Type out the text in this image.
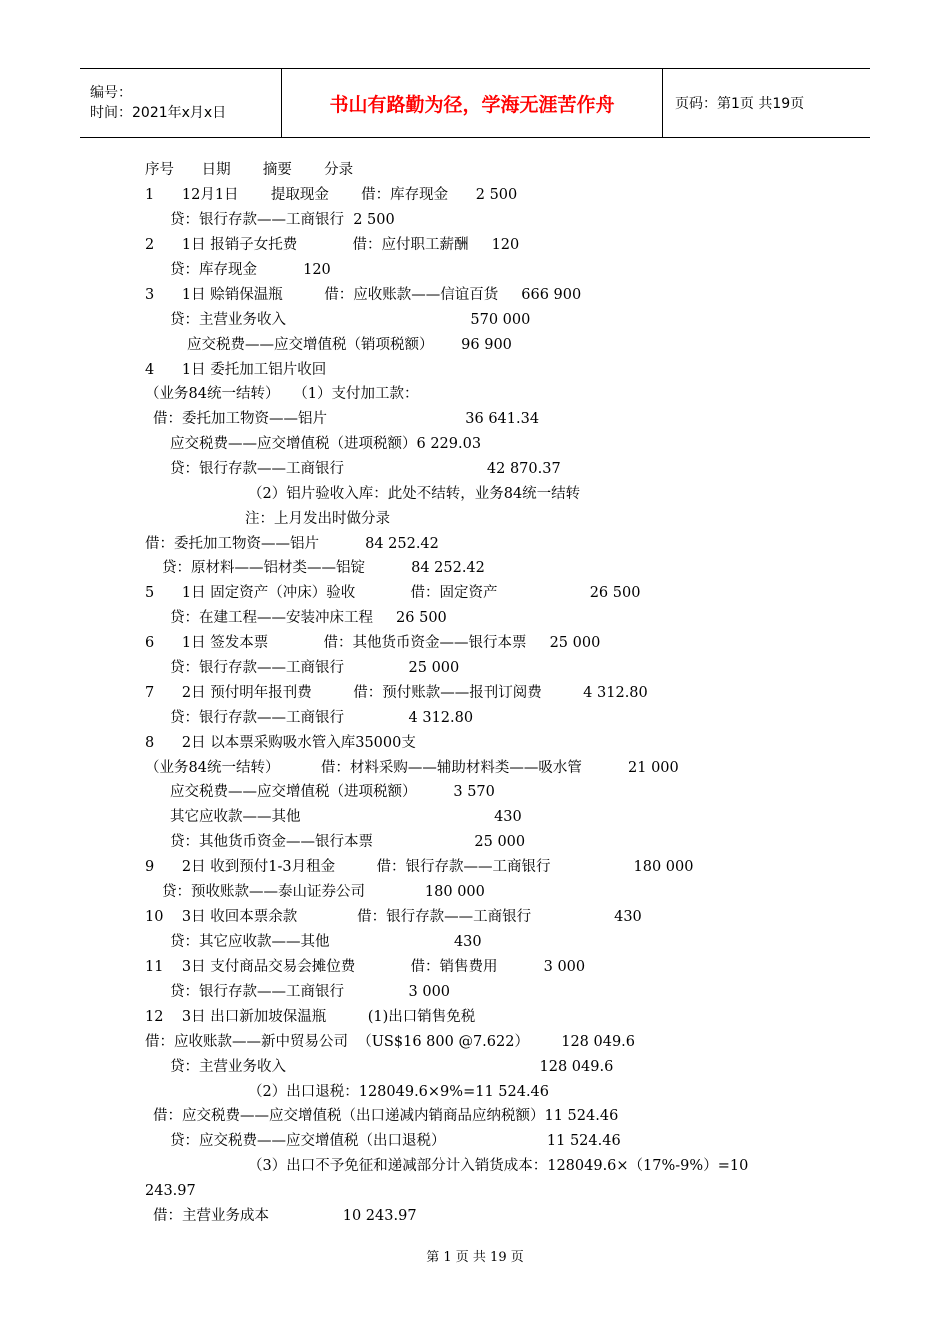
编号：
时间：2021年x月x日	书山有路勤为径，学海无涯苦作舟	页码：第1页 共19页
序号      日期       摘要       分录
1      12月1日       提取现金       借：库存现金      2 500
贷：银行存款——工商银行  2 500
2      1日 报销子女托费            借：应付职工薪酬     120
贷：库存现金          120
3      1日 赊销保温瓶         借：应收账款——信谊百货     666 900
贷：主营业务收入                                        570 000
应交税费——应交增值税（销项税额）      96 900
4      1日 委托加工铝片收回
（业务84统一结转）   （1）支付加工款：
借：委托加工物资——铝片                              36 641.34
应交税费——应交增值税（进项税额）6 229.03
贷：银行存款——工商银行                               42 870.37
（2）铝片验收入库：此处不结转，业务84统一结转
注：上月发出时做分录
借：委托加工物资——铝片          84 252.42
贷：原材料——铝材类——铝锭          84 252.42
5      1日 固定资产（冲床）验收            借：固定资产                    26 500
贷：在建工程——安装冲床工程     26 500
6      1日 签发本票            借：其他货币资金——银行本票     25 000
贷：银行存款——工商银行              25 000
7      2日 预付明年报刊费         借：预付账款——报刊订阅费         4 312.80
贷：银行存款——工商银行              4 312.80
8      2日 以本票采购吸水管入库35000支
（业务84统一结转）         借：材料采购——辅助材料类——吸水管          21 000
应交税费——应交增值税（进项税额）        3 570
其它应收款——其他                                          430
贷：其他货币资金——银行本票                      25 000
9      2日 收到预付1-3月租金         借：银行存款——工商银行                  180 000
贷：预收账款——泰山证券公司             180 000
10    3日 收回本票余款             借：银行存款——工商银行                  430
贷：其它应收款——其他                           430
11    3日 支付商品交易会摊位费            借：销售费用          3 000
贷：银行存款——工商银行              3 000
12    3日 出口新加坡保温瓶         (1)出口销售免税
借：应收账款——新中贸易公司  （US$16 800 @7.622）       128 049.6
贷：主营业务收入                                                       128 049.6
（2）出口退税：128049.6×9%=11 524.46
借：应交税费——应交增值税（出口递减内销商品应纳税额）11 524.46
贷：应交税费——应交增值税（出口退税）                      11 524.46
（3）出口不予免征和递减部分计入销货成本：128049.6×（17%-9%）=10
243.97
借：主营业务成本                10 243.97
第 1 页 共 19 页
